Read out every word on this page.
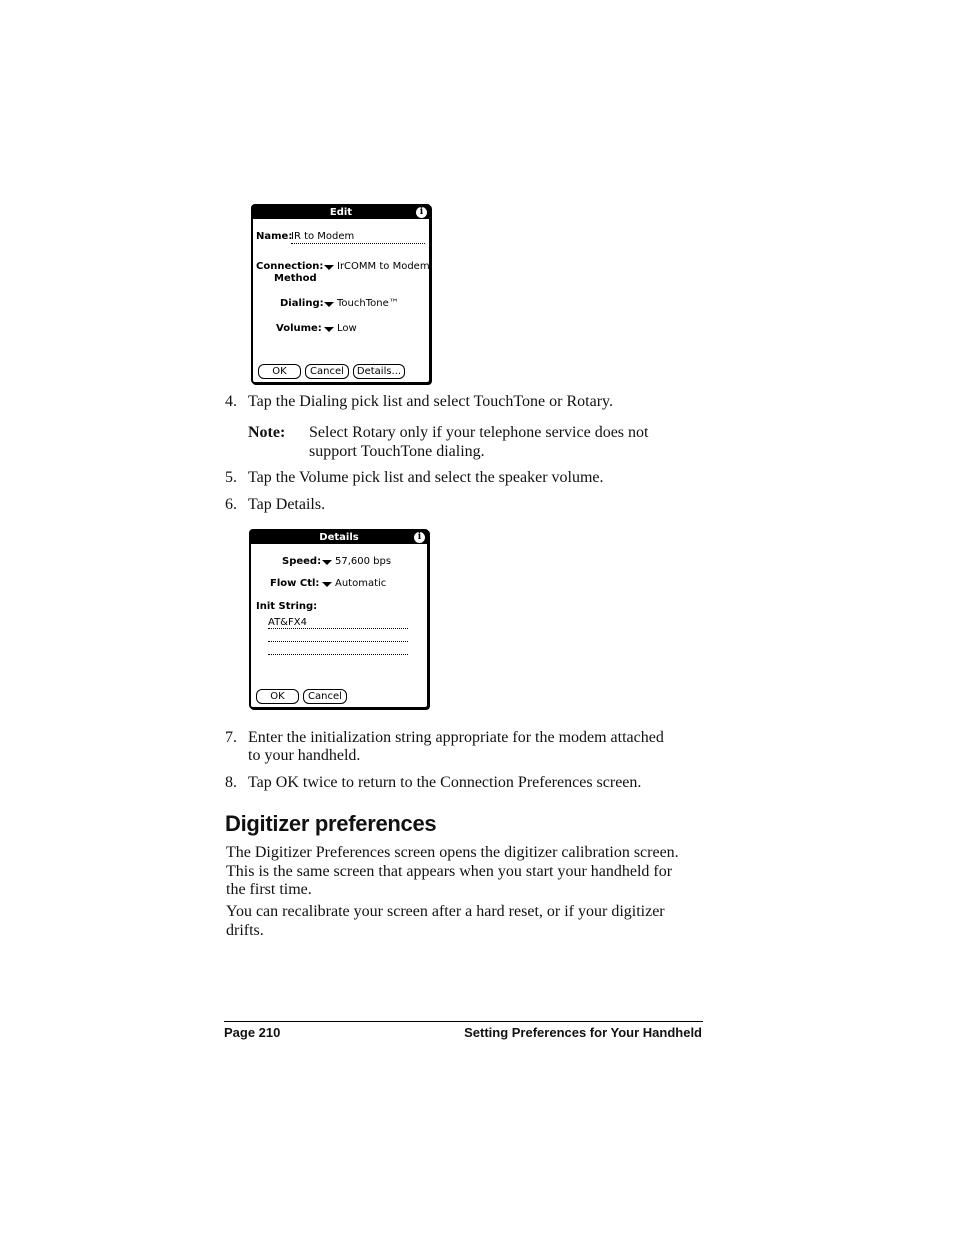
Edit	i
Name:
IR to Modem
Connection: IrCOMM to Modem
Method
Dialing: TouchTone™
Volume: Low
OK	Cancel	Details...
4. Tap the Dialing pick list and select TouchTone or Rotary.
Note: Select Rotary only if your telephone service does not
support TouchTone dialing.
5. Tap the Volume pick list and select the speaker volume.
6. Tap Details.
Details	i
Speed: 57,600 bps
Flow Ctl: Automatic
Init String:
AT&FX4
OK	Cancel
7. Enter the initialization string appropriate for the modem attached
to your handheld.
8. Tap OK twice to return to the Connection Preferences screen.
Digitizer preferences
The Digitizer Preferences screen opens the digitizer calibration screen.
This is the same screen that appears when you start your handheld for
the first time.
You can recalibrate your screen after a hard reset, or if your digitizer
drifts.
Page 210	Setting Preferences for Your Handheld
